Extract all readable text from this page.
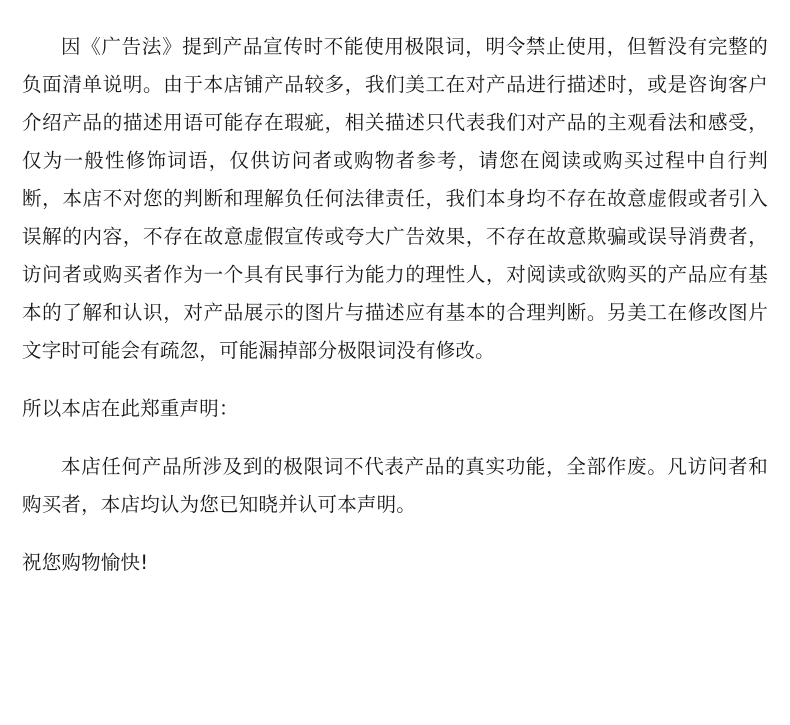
因《广告法》提到产品宣传时不能使用极限词，明令禁止使用，但暂没有完整的负面清单说明。由于本店铺产品较多，我们美工在对产品进行描述时，或是咨询客户介绍产品的描述用语可能存在瑕疵，相关描述只代表我们对产品的主观看法和感受，仅为一般性修饰词语，仅供访问者或购物者参考，请您在阅读或购买过程中自行判断，本店不对您的判断和理解负任何法律责任，我们本身均不存在故意虚假或者引入误解的内容，不存在故意虚假宣传或夸大广告效果，不存在故意欺骗或误导消费者，访问者或购买者作为一个具有民事行为能力的理性人，对阅读或欲购买的产品应有基本的了解和认识，对产品展示的图片与描述应有基本的合理判断。另美工在修改图片文字时可能会有疏忽，可能漏掉部分极限词没有修改。

所以本店在此郑重声明：

本店任何产品所涉及到的极限词不代表产品的真实功能，全部作废。凡访问者和购买者，本店均认为您已知晓并认可本声明。

祝您购物愉快!
